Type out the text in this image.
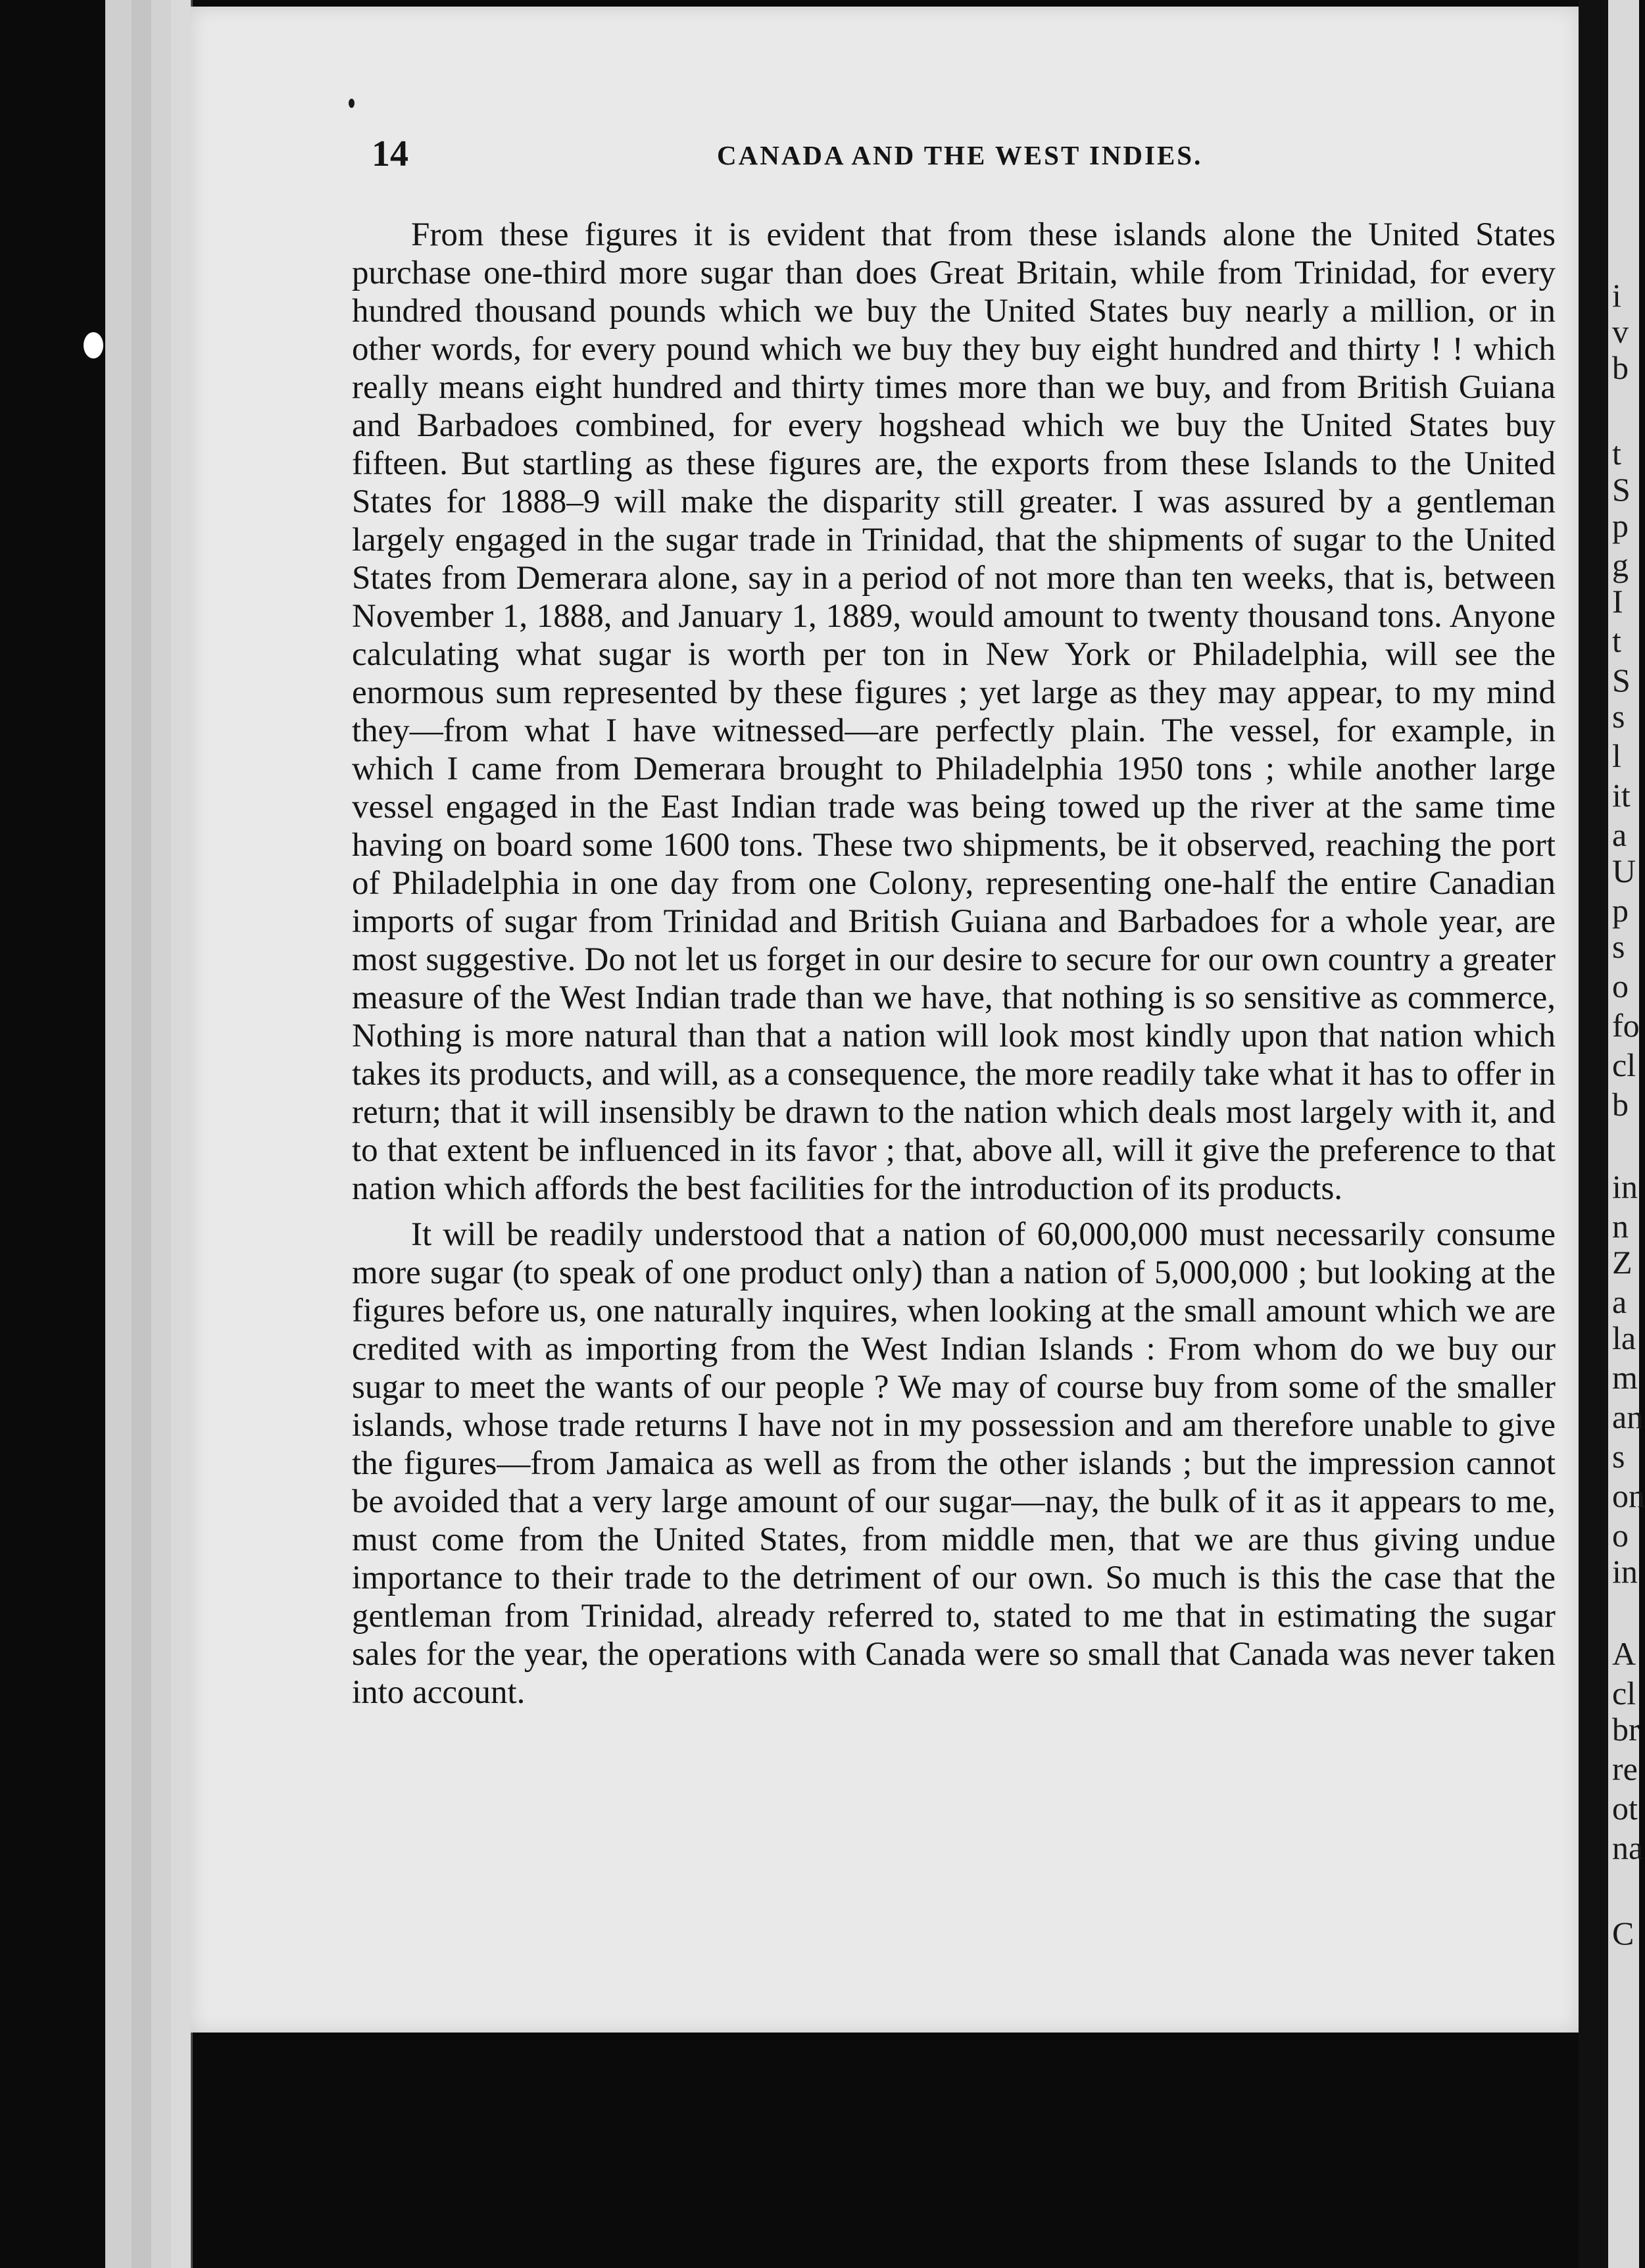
14	CANADA AND THE WEST INDIES.

From these figures it is evident that from these islands alone the United States purchase one-third more sugar than does Great Britain, while from Trinidad, for every hundred thousand pounds which we buy the United States buy nearly a million, or in other words, for every pound which we buy they buy eight hundred and thirty ! ! which really means eight hundred and thirty times more than we buy, and from British Guiana and Barbadoes combined, for every hogshead which we buy the United States buy fifteen. But startling as these figures are, the exports from these Islands to the United States for 1888–9 will make the disparity still greater. I was assured by a gentleman largely engaged in the sugar trade in Trinidad, that the shipments of sugar to the United States from Demerara alone, say in a period of not more than ten weeks, that is, between November 1, 1888, and January 1, 1889, would amount to twenty thousand tons. Anyone calculating what sugar is worth per ton in New York or Philadelphia, will see the enormous sum represented by these figures ; yet large as they may appear, to my mind they—from what I have witnessed—are perfectly plain. The vessel, for example, in which I came from Demerara brought to Philadelphia 1950 tons ; while another large vessel engaged in the East Indian trade was being towed up the river at the same time having on board some 1600 tons. These two shipments, be it observed, reaching the port of Philadelphia in one day from one Colony, representing one-half the entire Canadian imports of sugar from Trinidad and British Guiana and Barbadoes for a whole year, are most suggestive. Do not let us forget in our desire to secure for our own country a greater measure of the West Indian trade than we have, that nothing is so sensitive as commerce, Nothing is more natural than that a nation will look most kindly upon that nation which takes its products, and will, as a consequence, the more readily take what it has to offer in return; that it will insensibly be drawn to the nation which deals most largely with it, and to that extent be influenced in its favor ; that, above all, will it give the preference to that nation which affords the best facilities for the introduction of its products.

It will be readily understood that a nation of 60,000,000 must necessarily consume more sugar (to speak of one product only) than a nation of 5,000,000 ; but looking at the figures before us, one naturally inquires, when looking at the small amount which we are credited with as importing from the West Indian Islands : From whom do we buy our sugar to meet the wants of our people ? We may of course buy from some of the smaller islands, whose trade returns I have not in my possession and am therefore unable to give the figures—from Jamaica as well as from the other islands ; but the impression cannot be avoided that a very large amount of our sugar—nay, the bulk of it as it appears to me, must come from the United States, from middle men, that we are thus giving undue importance to their trade to the detriment of our own. So much is this the case that the gentleman from Trinidad, already referred to, stated to me that in estimating the sugar sales for the year, the operations with Canada were so small that Canada was never taken into account.

i
v
b
t
S
p
g
I
t
S
s
l
it
a
U
p
s
o
fo
cl
b
in
n
Z
a
la
m
an
s
on
o
in
A
cl
br
re
ot
na
C
